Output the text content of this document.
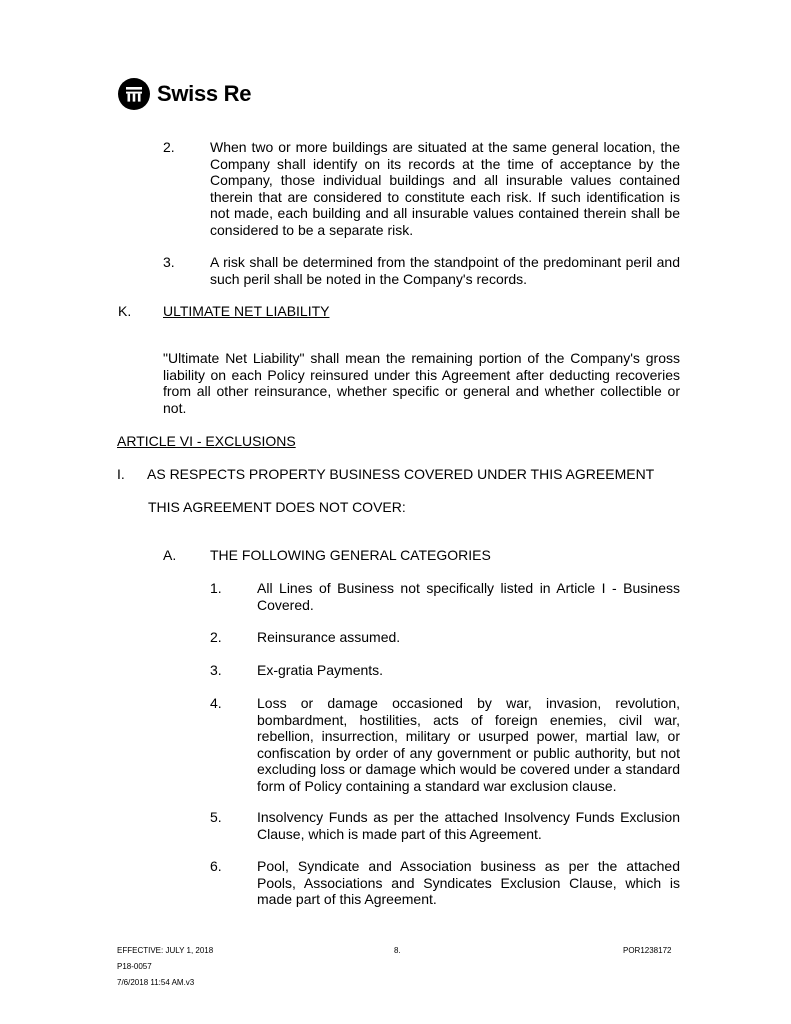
Swiss Re
2.	When two or more buildings are situated at the same general location, the Company shall identify on its records at the time of acceptance by the Company, those individual buildings and all insurable values contained therein that are considered to constitute each risk. If such identification is not made, each building and all insurable values contained therein shall be considered to be a separate risk.
3.	A risk shall be determined from the standpoint of the predominant peril and such peril shall be noted in the Company's records.
K. ULTIMATE NET LIABILITY
"Ultimate Net Liability" shall mean the remaining portion of the Company's gross liability on each Policy reinsured under this Agreement after deducting recoveries from all other reinsurance, whether specific or general and whether collectible or not.
ARTICLE VI - EXCLUSIONS
I. AS RESPECTS PROPERTY BUSINESS COVERED UNDER THIS AGREEMENT
THIS AGREEMENT DOES NOT COVER:
A. THE FOLLOWING GENERAL CATEGORIES
1.	All Lines of Business not specifically listed in Article I - Business Covered.
2.	Reinsurance assumed.
3.	Ex-gratia Payments.
4.	Loss or damage occasioned by war, invasion, revolution, bombardment, hostilities, acts of foreign enemies, civil war, rebellion, insurrection, military or usurped power, martial law, or confiscation by order of any government or public authority, but not excluding loss or damage which would be covered under a standard form of Policy containing a standard war exclusion clause.
5.	Insolvency Funds as per the attached Insolvency Funds Exclusion Clause, which is made part of this Agreement.
6.	Pool, Syndicate and Association business as per the attached Pools, Associations and Syndicates Exclusion Clause, which is made part of this Agreement.
EFFECTIVE: JULY 1, 2018	8.	POR1238172
P18-0057
7/6/2018 11:54 AM.v3
